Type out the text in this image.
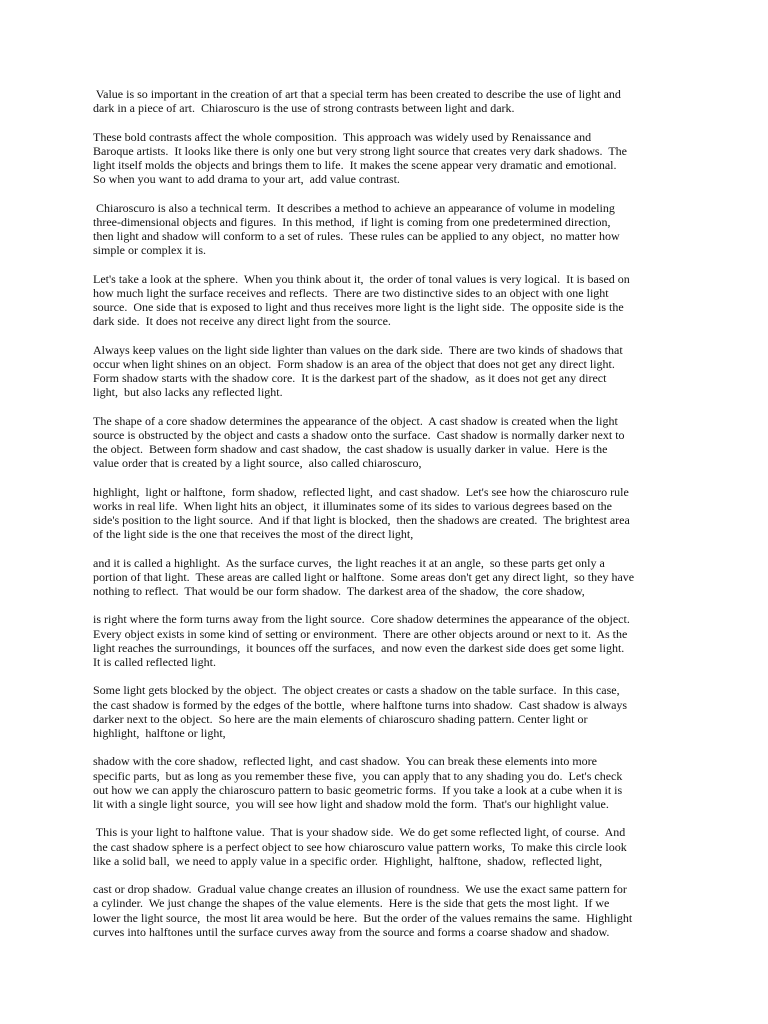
Value is so important in the creation of art that a special term has been created to describe the use of light and
dark in a piece of art.  Chiaroscuro is the use of strong contrasts between light and dark.

These bold contrasts affect the whole composition.  This approach was widely used by Renaissance and
Baroque artists.  It looks like there is only one but very strong light source that creates very dark shadows.  The
light itself molds the objects and brings them to life.  It makes the scene appear very dramatic and emotional.
So when you want to add drama to your art,  add value contrast.

Chiaroscuro is also a technical term.  It describes a method to achieve an appearance of volume in modeling
three-dimensional objects and figures.  In this method,  if light is coming from one predetermined direction,
then light and shadow will conform to a set of rules.  These rules can be applied to any object,  no matter how
simple or complex it is.

Let's take a look at the sphere.  When you think about it,  the order of tonal values is very logical.  It is based on
how much light the surface receives and reflects.  There are two distinctive sides to an object with one light
source.  One side that is exposed to light and thus receives more light is the light side.  The opposite side is the
dark side.  It does not receive any direct light from the source.

Always keep values on the light side lighter than values on the dark side.  There are two kinds of shadows that
occur when light shines on an object.  Form shadow is an area of the object that does not get any direct light.
Form shadow starts with the shadow core.  It is the darkest part of the shadow,  as it does not get any direct
light,  but also lacks any reflected light.

The shape of a core shadow determines the appearance of the object.  A cast shadow is created when the light
source is obstructed by the object and casts a shadow onto the surface.  Cast shadow is normally darker next to
the object.  Between form shadow and cast shadow,  the cast shadow is usually darker in value.  Here is the
value order that is created by a light source,  also called chiaroscuro,

highlight,  light or halftone,  form shadow,  reflected light,  and cast shadow.  Let's see how the chiaroscuro rule
works in real life.  When light hits an object,  it illuminates some of its sides to various degrees based on the
side's position to the light source.  And if that light is blocked,  then the shadows are created.  The brightest area
of the light side is the one that receives the most of the direct light,

and it is called a highlight.  As the surface curves,  the light reaches it at an angle,  so these parts get only a
portion of that light.  These areas are called light or halftone.  Some areas don't get any direct light,  so they have
nothing to reflect.  That would be our form shadow.  The darkest area of the shadow,  the core shadow,

is right where the form turns away from the light source.  Core shadow determines the appearance of the object.
Every object exists in some kind of setting or environment.  There are other objects around or next to it.  As the
light reaches the surroundings,  it bounces off the surfaces,  and now even the darkest side does get some light.
It is called reflected light.

Some light gets blocked by the object.  The object creates or casts a shadow on the table surface.  In this case,
the cast shadow is formed by the edges of the bottle,  where halftone turns into shadow.  Cast shadow is always
darker next to the object.  So here are the main elements of chiaroscuro shading pattern. Center light or
highlight,  halftone or light,

shadow with the core shadow,  reflected light,  and cast shadow.  You can break these elements into more
specific parts,  but as long as you remember these five,  you can apply that to any shading you do.  Let's check
out how we can apply the chiaroscuro pattern to basic geometric forms.  If you take a look at a cube when it is
lit with a single light source,  you will see how light and shadow mold the form.  That's our highlight value.

This is your light to halftone value.  That is your shadow side.  We do get some reflected light, of course.  And
the cast shadow sphere is a perfect object to see how chiaroscuro value pattern works,  To make this circle look
like a solid ball,  we need to apply value in a specific order.  Highlight,  halftone,  shadow,  reflected light,

cast or drop shadow.  Gradual value change creates an illusion of roundness.  We use the exact same pattern for
a cylinder.  We just change the shapes of the value elements.  Here is the side that gets the most light.  If we
lower the light source,  the most lit area would be here.  But the order of the values remains the same.  Highlight
curves into halftones until the surface curves away from the source and forms a coarse shadow and shadow.
